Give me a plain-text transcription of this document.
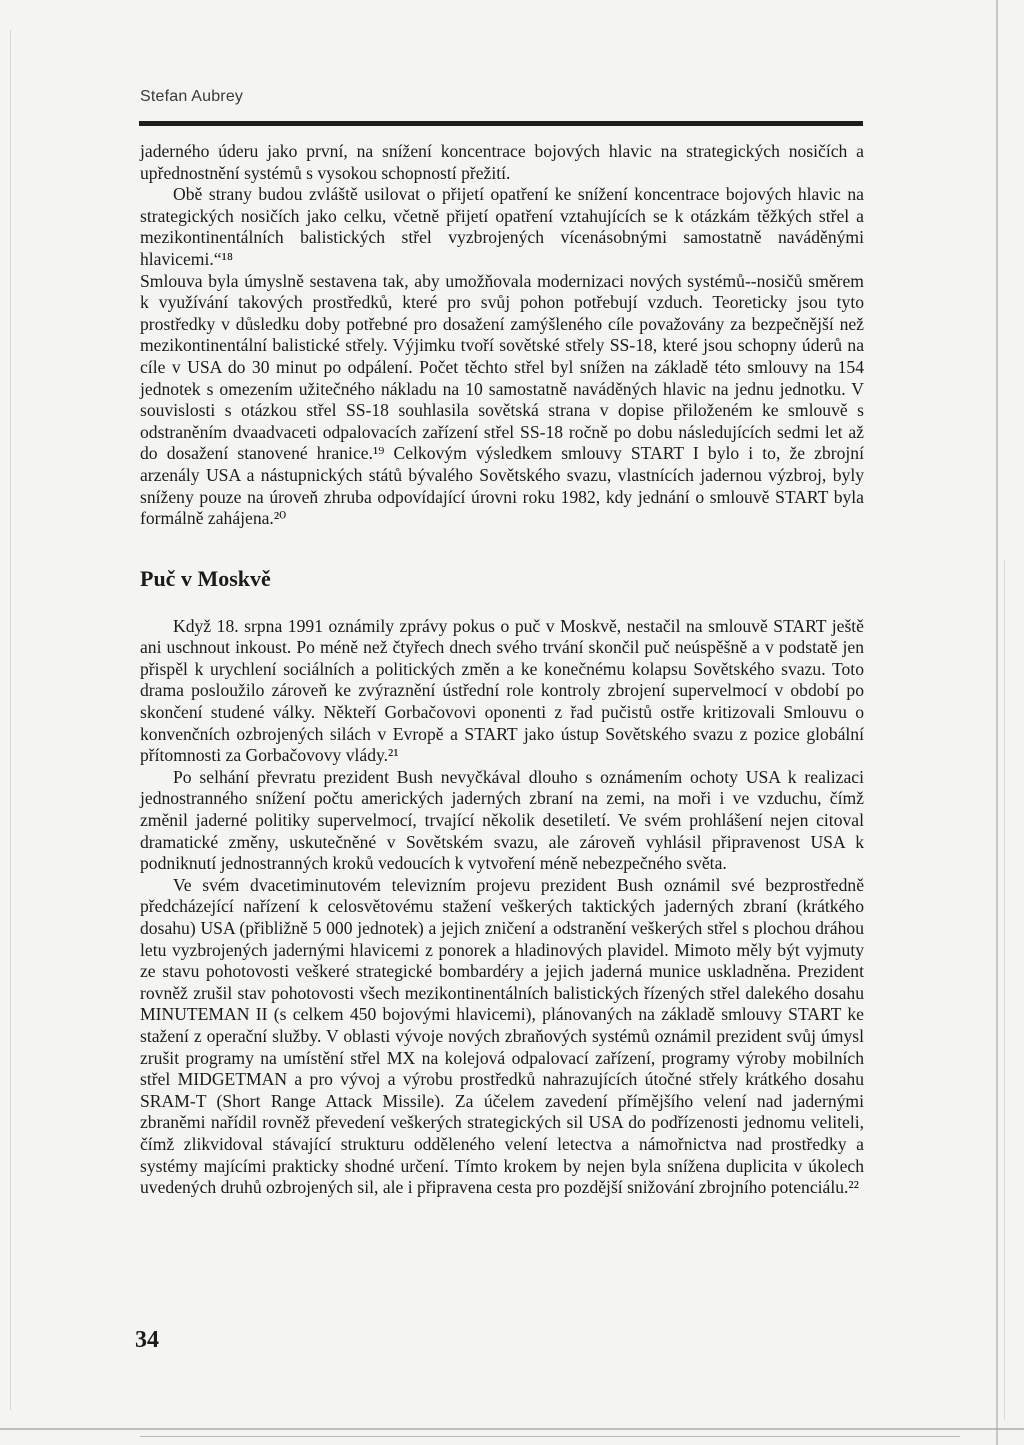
Stefan Aubrey

jaderného úderu jako první, na snížení koncentrace bojových hlavic na strategických nosičích a upřednostnění systémů s vysokou schopností přežití.

Obě strany budou zvláště usilovat o přijetí opatření ke snížení koncentrace bojových hlavic na strategických nosičích jako celku, včetně přijetí opatření vztahujících se k otázkám těžkých střel a mezikontinentálních balistických střel vyzbrojených vícenásobnými samostatně naváděnými hlavicemi.“¹⁸

Smlouva byla úmyslně sestavena tak, aby umožňovala modernizaci nových systémů--nosičů směrem k využívání takových prostředků, které pro svůj pohon potřebují vzduch. Teoreticky jsou tyto prostředky v důsledku doby potřebné pro dosažení zamýšleného cíle považovány za bezpečnější než mezikontinentální balistické střely. Výjimku tvoří sovětské střely SS-18, které jsou schopny úderů na cíle v USA do 30 minut po odpálení. Počet těchto střel byl snížen na základě této smlouvy na 154 jednotek s omezením užitečného nákladu na 10 samostatně naváděných hlavic na jednu jednotku. V souvislosti s otázkou střel SS-18 souhlasila sovětská strana v dopise přiloženém ke smlouvě s odstraněním dvaadvaceti odpalovacích zařízení střel SS-18 ročně po dobu následujících sedmi let až do dosažení stanovené hranice.¹⁹ Celkovým výsledkem smlouvy START I bylo i to, že zbrojní arzenály USA a nástupnických států bývalého Sovětského svazu, vlastnících jadernou výzbroj, byly sníženy pouze na úroveň zhruba odpovídající úrovni roku 1982, kdy jednání o smlouvě START byla formálně zahájena.²⁰

Puč v Moskvě

Když 18. srpna 1991 oznámily zprávy pokus o puč v Moskvě, nestačil na smlouvě START ještě ani uschnout inkoust. Po méně než čtyřech dnech svého trvání skončil puč neúspěšně a v podstatě jen přispěl k urychlení sociálních a politických změn a ke konečnému kolapsu Sovětského svazu. Toto drama posloužilo zároveň ke zvýraznění ústřední role kontroly zbrojení supervelmocí v období po skončení studené války. Někteří Gorbačovovi oponenti z řad pučistů ostře kritizovali Smlouvu o konvenčních ozbrojených silách v Evropě a START jako ústup Sovětského svazu z pozice globální přítomnosti za Gorbačovovy vlády.²¹

Po selhání převratu prezident Bush nevyčkával dlouho s oznámením ochoty USA k realizaci jednostranného snížení počtu amerických jaderných zbraní na zemi, na moři i ve vzduchu, čímž změnil jaderné politiky supervelmocí, trvající několik desetiletí. Ve svém prohlášení nejen citoval dramatické změny, uskutečněné v Sovětském svazu, ale zároveň vyhlásil připravenost USA k podniknutí jednostranných kroků vedoucích k vytvoření méně nebezpečného světa.

Ve svém dvacetiminutovém televizním projevu prezident Bush oznámil své bezprostředně předcházející nařízení k celosvětovému stažení veškerých taktických jaderných zbraní (krátkého dosahu) USA (přibližně 5 000 jednotek) a jejich zničení a odstranění veškerých střel s plochou dráhou letu vyzbrojených jadernými hlavicemi z ponorek a hladinových plavidel. Mimoto měly být vyjmuty ze stavu pohotovosti veškeré strategické bombardéry a jejich jaderná munice uskladněna. Prezident rovněž zrušil stav pohotovosti všech mezikontinentálních balistických řízených střel dalekého dosahu MINUTEMAN II (s celkem 450 bojovými hlavicemi), plánovaných na základě smlouvy START ke stažení z operační služby. V oblasti vývoje nových zbraňových systémů oznámil prezident svůj úmysl zrušit programy na umístění střel MX na kolejová odpalovací zařízení, programy výroby mobilních střel MIDGETMAN a pro vývoj a výrobu prostředků nahrazujících útočné střely krátkého dosahu SRAM-T (Short Range Attack Missile). Za účelem zavedení přímějšího velení nad jadernými zbraněmi nařídil rovněž převedení veškerých strategických sil USA do podřízenosti jednomu veliteli, čímž zlikvidoval stávající strukturu odděleného velení letectva a námořnictva nad prostředky a systémy majícími prakticky shodné určení. Tímto krokem by nejen byla snížena duplicita v úkolech uvedených druhů ozbrojených sil, ale i připravena cesta pro pozdější snižování zbrojního potenciálu.²²

34
